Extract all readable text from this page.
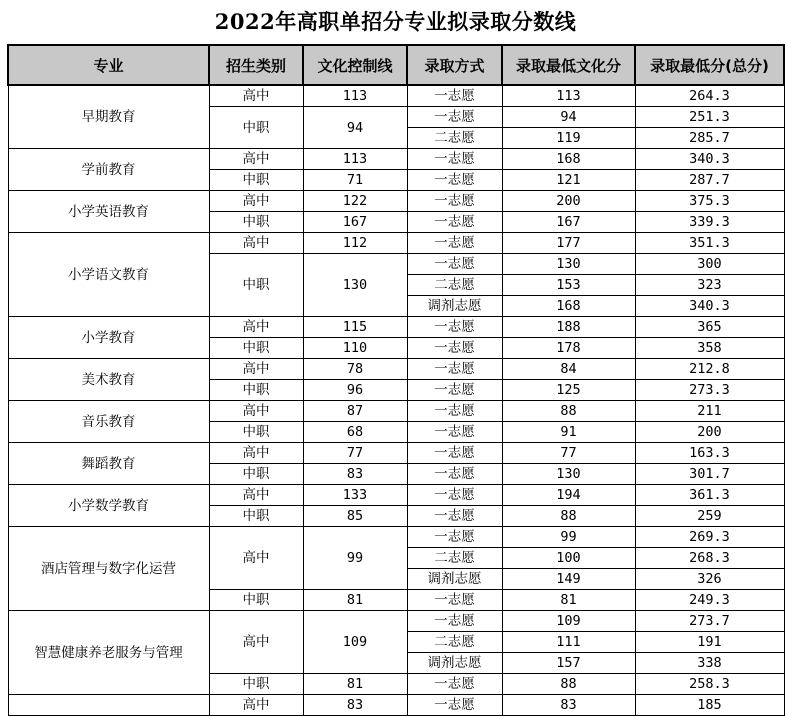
2022年高职单招分专业拟录取分数线
专业	招生类别	文化控制线	录取方式	录取最低文化分	录取最低分(总分)
早期教育	高中	113	一志愿	113	264.3
	中职	94	一志愿	94	251.3
			二志愿	119	285.7
学前教育	高中	113	一志愿	168	340.3
	中职	71	一志愿	121	287.7
小学英语教育	高中	122	一志愿	200	375.3
	中职	167	一志愿	167	339.3
小学语文教育	高中	112	一志愿	177	351.3
	中职	130	一志愿	130	300
			二志愿	153	323
			调剂志愿	168	340.3
小学教育	高中	115	一志愿	188	365
	中职	110	一志愿	178	358
美术教育	高中	78	一志愿	84	212.8
	中职	96	一志愿	125	273.3
音乐教育	高中	87	一志愿	88	211
	中职	68	一志愿	91	200
舞蹈教育	高中	77	一志愿	77	163.3
	中职	83	一志愿	130	301.7
小学数学教育	高中	133	一志愿	194	361.3
	中职	85	一志愿	88	259
酒店管理与数字化运营	高中	99	一志愿	99	269.3
			二志愿	100	268.3
			调剂志愿	149	326
	中职	81	一志愿	81	249.3
智慧健康养老服务与管理	高中	109	一志愿	109	273.7
			二志愿	111	191
			调剂志愿	157	338
	中职	81	一志愿	88	258.3
	高中	83	一志愿	83	185
